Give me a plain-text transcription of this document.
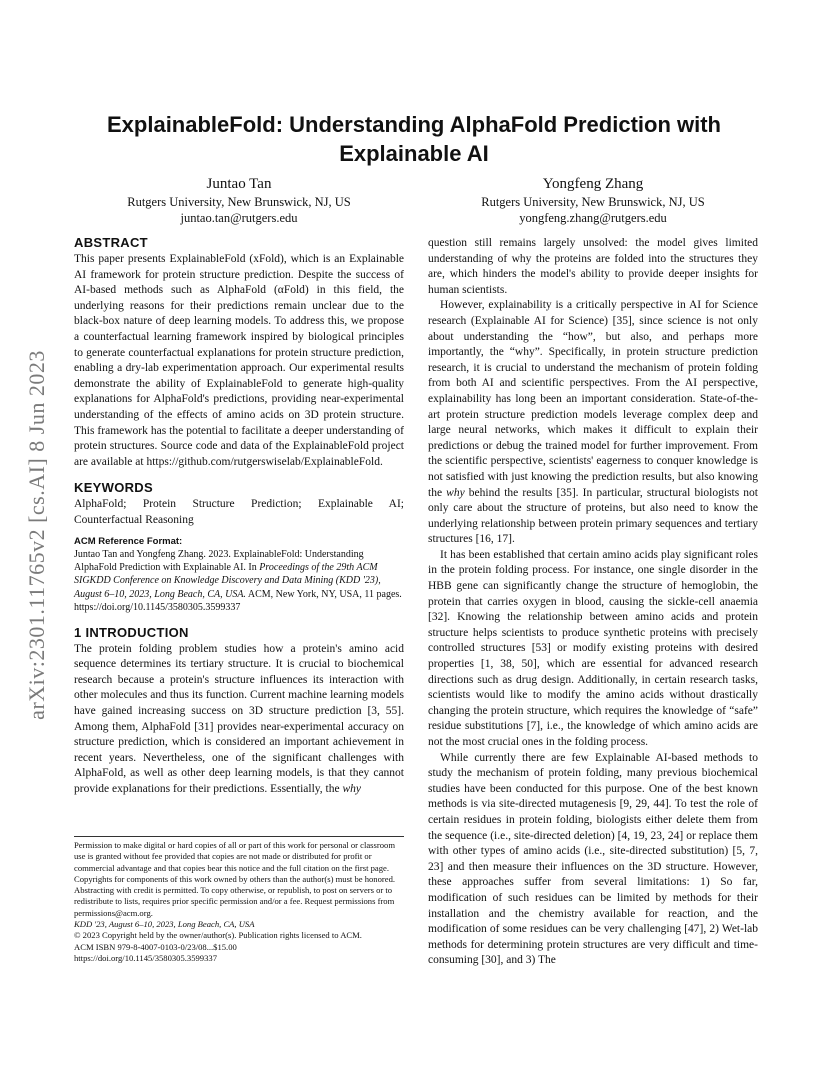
arXiv:2301.11765v2 [cs.AI] 8 Jun 2023
ExplainableFold: Understanding AlphaFold Prediction with Explainable AI
Juntao Tan
Rutgers University, New Brunswick, NJ, US
juntao.tan@rutgers.edu
Yongfeng Zhang
Rutgers University, New Brunswick, NJ, US
yongfeng.zhang@rutgers.edu
ABSTRACT

This paper presents ExplainableFold (xFold), which is an Explainable AI framework for protein structure prediction. Despite the success of AI-based methods such as AlphaFold (αFold) in this field, the underlying reasons for their predictions remain unclear due to the black-box nature of deep learning models. To address this, we propose a counterfactual learning framework inspired by biological principles to generate counterfactual explanations for protein structure prediction, enabling a dry-lab experimentation approach. Our experimental results demonstrate the ability of ExplainableFold to generate high-quality explanations for AlphaFold's predictions, providing near-experimental understanding of the effects of amino acids on 3D protein structure. This framework has the potential to facilitate a deeper understanding of protein structures. Source code and data of the ExplainableFold project are available at https://github.com/rutgerswiselab/ExplainableFold.

KEYWORDS

AlphaFold; Protein Structure Prediction; Explainable AI; Counterfactual Reasoning

ACM Reference Format:

Juntao Tan and Yongfeng Zhang. 2023. ExplainableFold: Understanding AlphaFold Prediction with Explainable AI. In Proceedings of the 29th ACM SIGKDD Conference on Knowledge Discovery and Data Mining (KDD '23), August 6–10, 2023, Long Beach, CA, USA. ACM, New York, NY, USA, 11 pages. https://doi.org/10.1145/3580305.3599337

1 INTRODUCTION

The protein folding problem studies how a protein's amino acid sequence determines its tertiary structure. It is crucial to biochemical research because a protein's structure influences its interaction with other molecules and thus its function. Current machine learning models have gained increasing success on 3D structure prediction [3, 55]. Among them, AlphaFold [31] provides near-experimental accuracy on structure prediction, which is considered an important achievement in recent years. Nevertheless, one of the significant challenges with AlphaFold, as well as other deep learning models, is that they cannot provide explanations for their predictions. Essentially, the why

Permission to make digital or hard copies of all or part of this work for personal or classroom use is granted without fee provided that copies are not made or distributed for profit or commercial advantage and that copies bear this notice and the full citation on the first page. Copyrights for components of this work owned by others than the author(s) must be honored. Abstracting with credit is permitted. To copy otherwise, or republish, to post on servers or to redistribute to lists, requires prior specific permission and/or a fee. Request permissions from permissions@acm.org.

KDD '23, August 6–10, 2023, Long Beach, CA, USA

© 2023 Copyright held by the owner/author(s). Publication rights licensed to ACM.

ACM ISBN 979-8-4007-0103-0/23/08...$15.00

https://doi.org/10.1145/3580305.3599337

question still remains largely unsolved: the model gives limited understanding of why the proteins are folded into the structures they are, which hinders the model's ability to provide deeper insights for human scientists.

However, explainability is a critically perspective in AI for Science research (Explainable AI for Science) [35], since science is not only about understanding the “how”, but also, and perhaps more importantly, the “why”. Specifically, in protein structure prediction research, it is crucial to understand the mechanism of protein folding from both AI and scientific perspectives. From the AI perspective, explainability has long been an important consideration. State-of-the-art protein structure prediction models leverage complex deep and large neural networks, which makes it difficult to explain their predictions or debug the trained model for further improvement. From the scientific perspective, scientists' eagerness to conquer knowledge is not satisfied with just knowing the prediction results, but also knowing the why behind the results [35]. In particular, structural biologists not only care about the structure of proteins, but also need to know the underlying relationship between protein primary sequences and tertiary structures [16, 17].

It has been established that certain amino acids play significant roles in the protein folding process. For instance, one single disorder in the HBB gene can significantly change the structure of hemoglobin, the protein that carries oxygen in blood, causing the sickle-cell anaemia [32]. Knowing the relationship between amino acids and protein structure helps scientists to produce synthetic proteins with precisely controlled structures [53] or modify existing proteins with desired properties [1, 38, 50], which are essential for advanced research directions such as drug design. Additionally, in certain research tasks, scientists would like to modify the amino acids without drastically changing the protein structure, which requires the knowledge of “safe” residue substitutions [7], i.e., the knowledge of which amino acids are not the most crucial ones in the folding process.

While currently there are few Explainable AI-based methods to study the mechanism of protein folding, many previous biochemical studies have been conducted for this purpose. One of the best known methods is via site-directed mutagenesis [9, 29, 44]. To test the role of certain residues in protein folding, biologists either delete them from the sequence (i.e., site-directed deletion) [4, 19, 23, 24] or replace them with other types of amino acids (i.e., site-directed substitution) [5, 7, 23] and then measure their influences on the 3D structure. However, these approaches suffer from several limitations: 1) So far, modification of such residues can be limited by methods for their installation and the chemistry available for reaction, and the modification of some residues can be very challenging [47], 2) Wet-lab methods for determining protein structures are very difficult and time-consuming [30], and 3) The
